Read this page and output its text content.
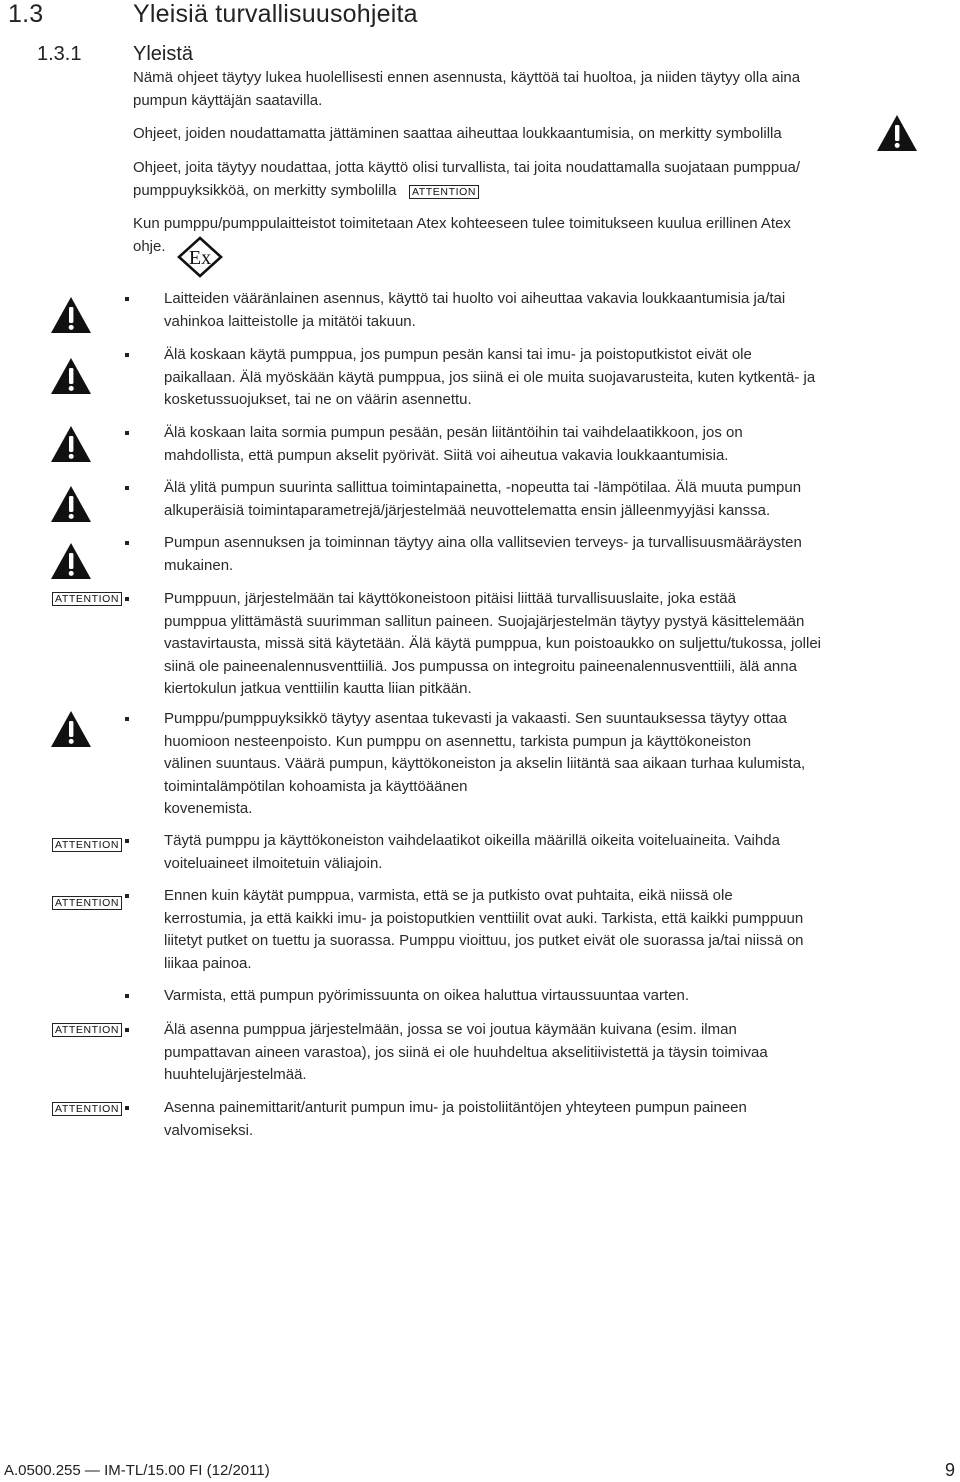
1.3	Yleisiä turvallisuusohjeita
1.3.1	Yleistä
Nämä ohjeet täytyy lukea huolellisesti ennen asennusta, käyttöä tai huoltoa, ja niiden täytyy olla aina
pumpun käyttäjän saatavilla.
Ohjeet, joiden noudattamatta jättäminen saattaa aiheuttaa loukkaantumisia, on merkitty symbolilla
Ohjeet, joita täytyy noudattaa, jotta käyttö olisi turvallista, tai joita noudattamalla suojataan pumppua/
pumppuyksikköä, on merkitty symbolilla ATTENTION
Kun pumppu/pumppulaitteistot toimitetaan Atex kohteeseen tulee toimitukseen kuulua erillinen Atex
ohje.
Ex
ATTENTION
ATTENTION
ATTENTION
ATTENTION
ATTENTION
Laitteiden vääränlainen asennus, käyttö tai huolto voi aiheuttaa vakavia loukkaantumisia ja/tai
vahinkoa laitteistolle ja mitätöi takuun.
Älä koskaan käytä pumppua, jos pumpun pesän kansi tai imu- ja poistoputkistot eivät ole
paikallaan. Älä myöskään käytä pumppua, jos siinä ei ole muita suojavarusteita, kuten kytkentä- ja
kosketussuojukset, tai ne on väärin asennettu.
Älä koskaan laita sormia pumpun pesään, pesän liitäntöihin tai vaihdelaatikkoon, jos on
mahdollista, että pumpun akselit pyörivät. Siitä voi aiheutua vakavia loukkaantumisia.
Älä ylitä pumpun suurinta sallittua toimintapainetta, -nopeutta tai -lämpötilaa. Älä muuta pumpun
alkuperäisiä toimintaparametrejä/järjestelmää neuvottelematta ensin jälleenmyyjäsi kanssa.
Pumpun asennuksen ja toiminnan täytyy aina olla vallitsevien terveys- ja turvallisuusmääräysten
mukainen.
Pumppuun, järjestelmään tai käyttökoneistoon pitäisi liittää turvallisuuslaite, joka estää
pumppua ylittämästä suurimman sallitun paineen. Suojajärjestelmän täytyy pystyä käsittelemään
vastavirtausta, missä sitä käytetään. Älä käytä pumppua, kun poistoaukko on suljettu/tukossa, jollei
siinä ole paineenalennusventtiiliä. Jos pumpussa on integroitu paineenalennusventtiili, älä anna
kiertokulun jatkua venttiilin kautta liian pitkään.
Pumppu/pumppuyksikkö täytyy asentaa tukevasti ja vakaasti. Sen suuntauksessa täytyy ottaa
huomioon nesteenpoisto. Kun pumppu on asennettu, tarkista pumpun ja käyttökoneiston
välinen suuntaus. Väärä pumpun, käyttökoneiston ja akselin liitäntä saa aikaan turhaa kulumista,
toimintalämpötilan kohoamista ja käyttöäänen
kovenemista.
Täytä pumppu ja käyttökoneiston vaihdelaatikot oikeilla määrillä oikeita voiteluaineita. Vaihda
voiteluaineet ilmoitetuin väliajoin.
Ennen kuin käytät pumppua, varmista, että se ja putkisto ovat puhtaita, eikä niissä ole
kerrostumia, ja että kaikki imu- ja poistoputkien venttiilit ovat auki. Tarkista, että kaikki pumppuun
liitetyt putket on tuettu ja suorassa. Pumppu vioittuu, jos putket eivät ole suorassa ja/tai niissä on
liikaa painoa.
Varmista, että pumpun pyörimissuunta on oikea haluttua virtaussuuntaa varten.
Älä asenna pumppua järjestelmään, jossa se voi joutua käymään kuivana (esim. ilman
pumpattavan aineen varastoa), jos siinä ei ole huuhdeltua akselitiivistettä ja täysin toimivaa
huuhtelujärjestelmää.
Asenna painemittarit/anturit pumpun imu- ja poistoliitäntöjen yhteyteen pumpun paineen
valvomiseksi.
A.0500.255 — IM-TL/15.00 FI (12/2011)	9
